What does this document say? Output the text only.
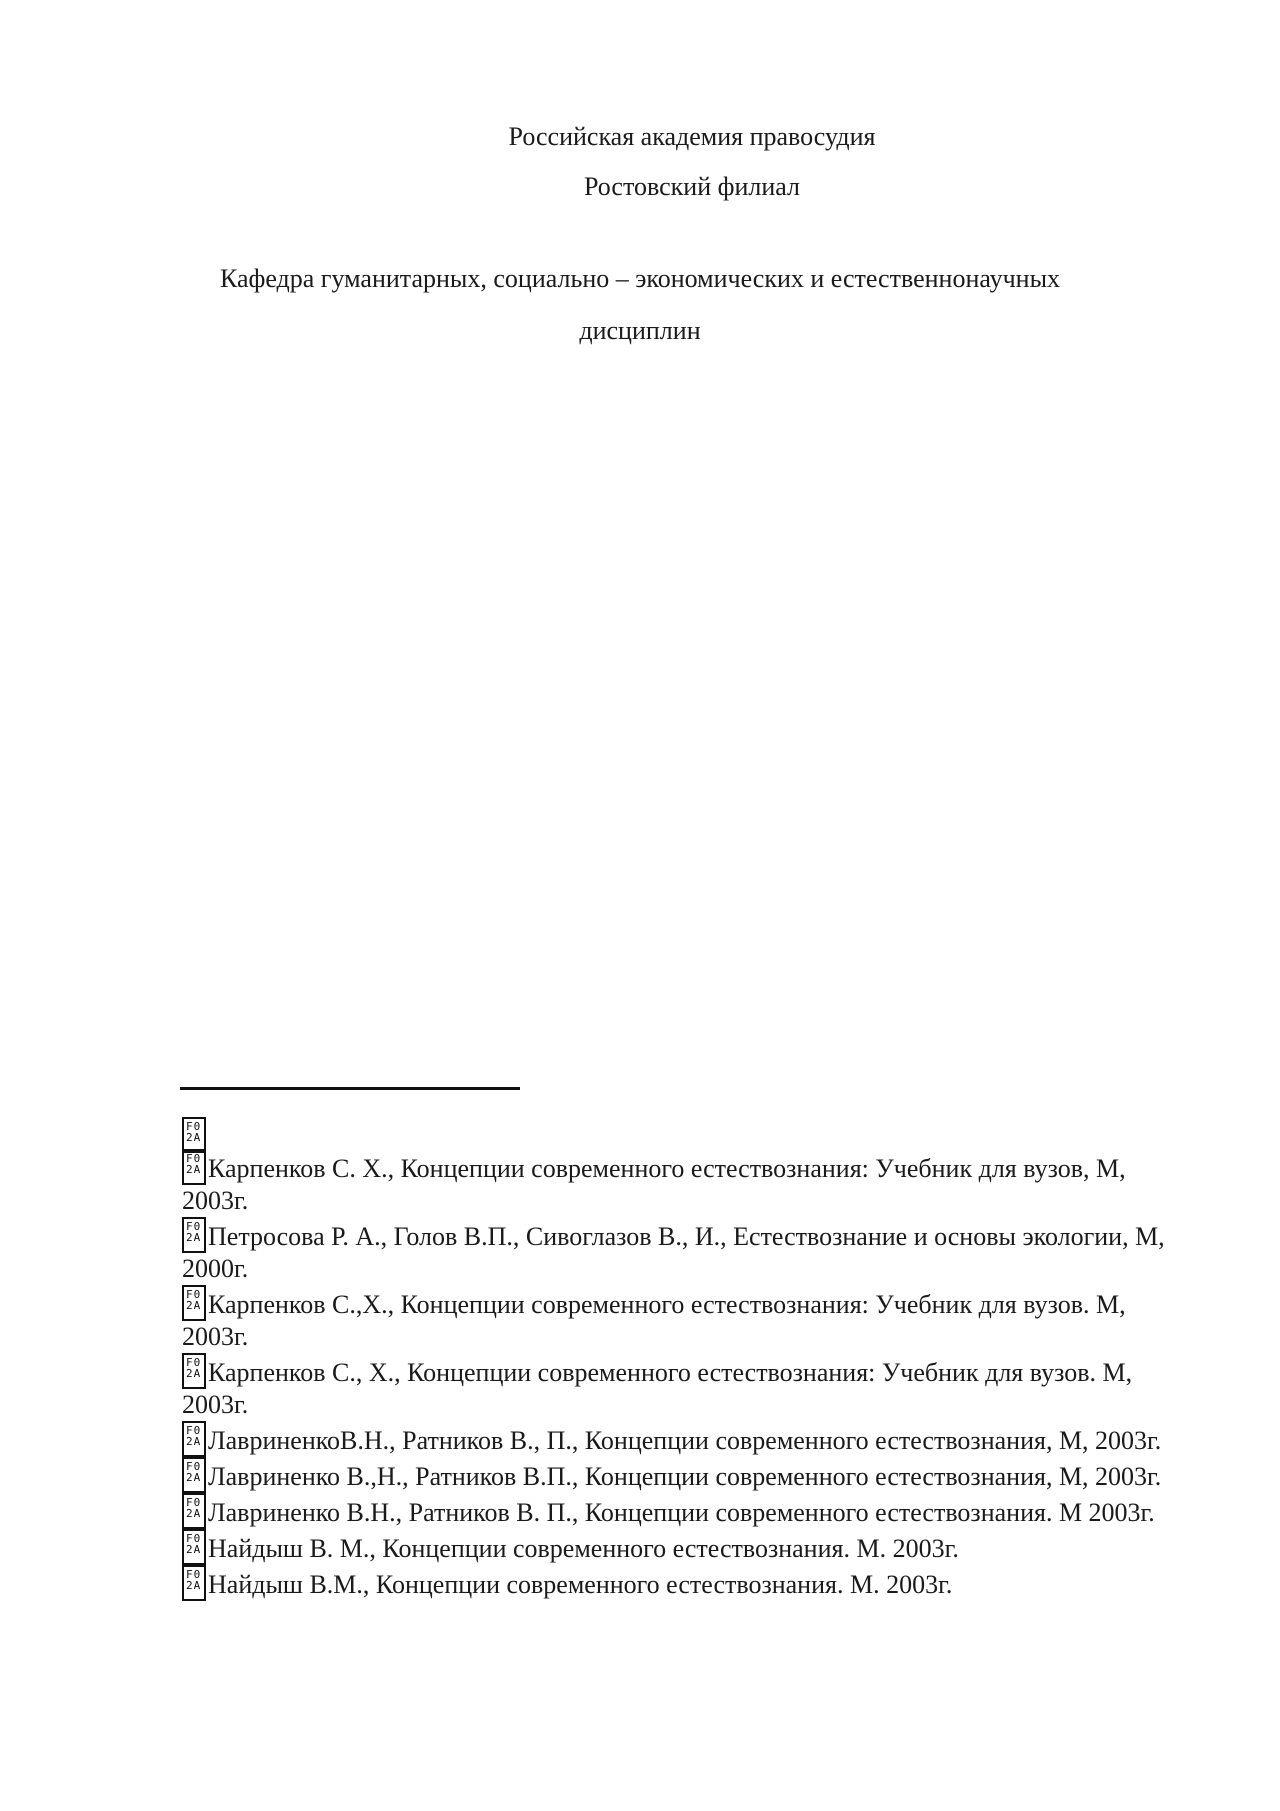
Российская академия правосудия
Ростовский филиал
Кафедра гуманитарных, социально – экономических и естественнонаучных
дисциплин
F0
2A
F0
2A Карпенков С. Х., Концепции современного естествознания: Учебник для вузов, М, 2003г.
F0
2A Петросова Р. А., Голов В.П., Сивоглазов В., И., Естествознание и основы экологии, М, 2000г.
F0
2A Карпенков С.,Х., Концепции современного естествознания: Учебник для вузов. М, 2003г.
F0
2A Карпенков С., Х., Концепции современного естествознания: Учебник для вузов. М, 2003г.
F0
2A ЛавриненкоВ.Н., Ратников В., П., Концепции современного естествознания, М, 2003г.
F0
2A Лавриненко В.,Н., Ратников В.П., Концепции современного естествознания, М, 2003г.
F0
2A Лавриненко В.Н., Ратников В. П., Концепции современного естествознания. М 2003г.
F0
2A Найдыш В. М., Концепции современного естествознания. М. 2003г.
F0
2A Найдыш В.М., Концепции современного естествознания. М. 2003г.
